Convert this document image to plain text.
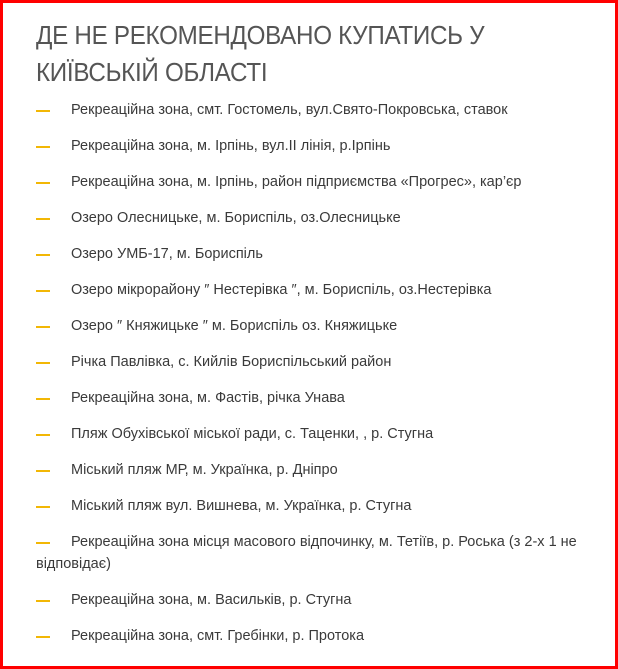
ДЕ НЕ РЕКОМЕНДОВАНО КУПАТИСЬ У КИЇВСЬКІЙ ОБЛАСТІ
Рекреаційна зона, смт. Гостомель, вул.Свято-Покровська, ставок
Рекреаційна зона, м. Ірпінь, вул.ІІ лінія, р.Ірпінь
Рекреаційна зона, м. Ірпінь, район підприємства «Прогрес», кар’єр
Озеро Олесницьке, м. Бориспіль, оз.Олесницьке
Озеро УМБ-17, м. Бориспіль
Озеро мікрорайону ″ Нестерівка ″, м. Бориспіль, оз.Нестерівка
Озеро ″ Княжицьке ″ м. Бориспіль оз. Княжицьке
Річка Павлівка, с. Кийлів Бориспільський район
Рекреаційна зона, м. Фастів, річка Унава
Пляж Обухівської міської ради, с. Таценки, , р. Стугна
Міський пляж МР, м. Українка, р. Дніпро
Міський пляж вул. Вишнева, м. Українка, р. Стугна
Рекреаційна зона місця масового відпочинку, м. Тетіїв, р. Роська (з 2-х 1 не відповідає)
Рекреаційна зона, м. Васильків, р. Стугна
Рекреаційна зона, смт. Гребінки, р. Протока
